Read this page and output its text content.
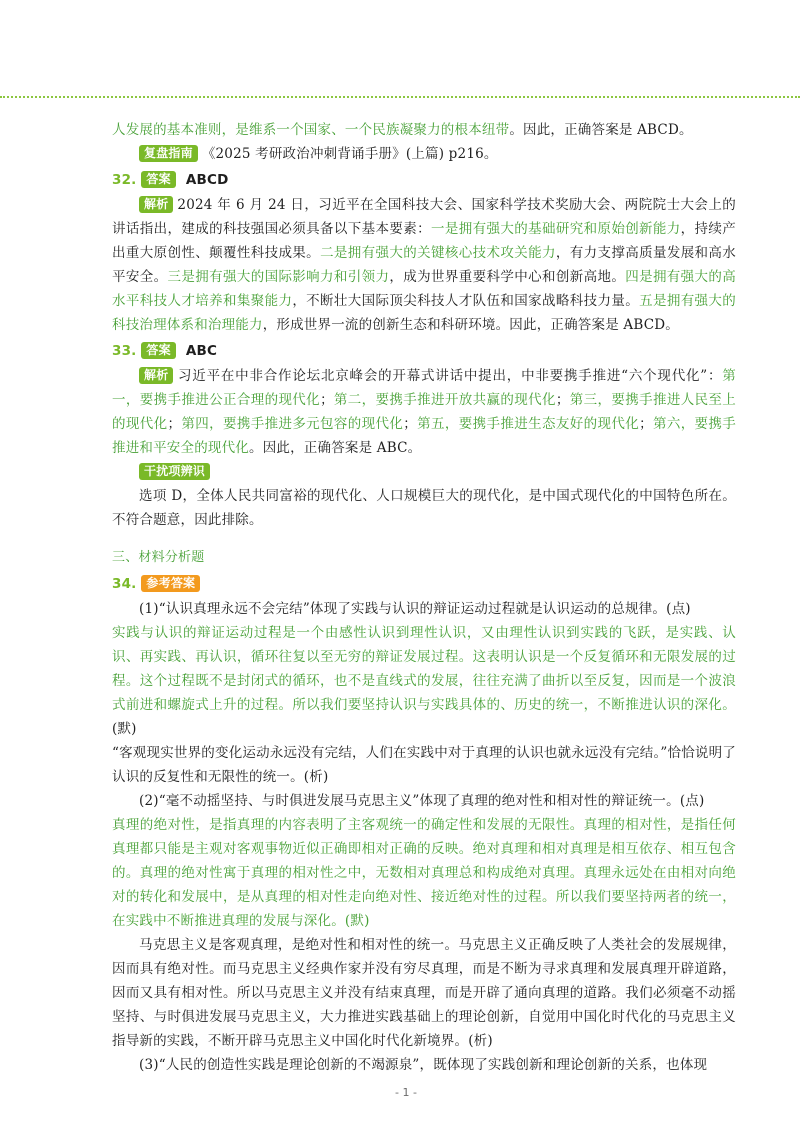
人发展的基本准则，是维系一个国家、一个民族凝聚力的根本纽带。因此，正确答案是 ABCD。

复盘指南 《2025 考研政治冲刺背诵手册》(上篇) p216。

32. 答案 ABCD

解析 2024 年 6 月 24 日，习近平在全国科技大会、国家科学技术奖励大会、两院院士大会上的讲话指出，建成的科技强国必须具备以下基本要素：一是拥有强大的基础研究和原始创新能力，持续产出重大原创性、颠覆性科技成果。二是拥有强大的关键核心技术攻关能力，有力支撑高质量发展和高水平安全。三是拥有强大的国际影响力和引领力，成为世界重要科学中心和创新高地。四是拥有强大的高水平科技人才培养和集聚能力，不断壮大国际顶尖科技人才队伍和国家战略科技力量。五是拥有强大的科技治理体系和治理能力，形成世界一流的创新生态和科研环境。因此，正确答案是 ABCD。

33. 答案 ABC

解析 习近平在中非合作论坛北京峰会的开幕式讲话中提出，中非要携手推进“六个现代化”：第一，要携手推进公正合理的现代化；第二，要携手推进开放共赢的现代化；第三，要携手推进人民至上的现代化；第四，要携手推进多元包容的现代化；第五，要携手推进生态友好的现代化；第六，要携手推进和平安全的现代化。因此，正确答案是 ABC。

干扰项辨识

选项 D，全体人民共同富裕的现代化、人口规模巨大的现代化，是中国式现代化的中国特色所在。不符合题意，因此排除。

三、材料分析题
34. 参考答案

(1)“认识真理永远不会完结”体现了实践与认识的辩证运动过程就是认识运动的总规律。(点)
实践与认识的辩证运动过程是一个由感性认识到理性认识，又由理性认识到实践的飞跃，是实践、认识、再实践、再认识，循环往复以至无穷的辩证发展过程。这表明认识是一个反复循环和无限发展的过程。这个过程既不是封闭式的循环，也不是直线式的发展，往往充满了曲折以至反复，因而是一个波浪式前进和螺旋式上升的过程。所以我们要坚持认识与实践具体的、历史的统一，不断推进认识的深化。(默)
“客观现实世界的变化运动永远没有完结，人们在实践中对于真理的认识也就永远没有完结。”恰恰说明了认识的反复性和无限性的统一。(析)

(2)“毫不动摇坚持、与时俱进发展马克思主义”体现了真理的绝对性和相对性的辩证统一。(点)
真理的绝对性，是指真理的内容表明了主客观统一的确定性和发展的无限性。真理的相对性，是指任何真理都只能是主观对客观事物近似正确即相对正确的反映。绝对真理和相对真理是相互依存、相互包含的。真理的绝对性寓于真理的相对性之中，无数相对真理总和构成绝对真理。真理永远处在由相对向绝对的转化和发展中，是从真理的相对性走向绝对性、接近绝对性的过程。所以我们要坚持两者的统一，在实践中不断推进真理的发展与深化。(默)

马克思主义是客观真理，是绝对性和相对性的统一。马克思主义正确反映了人类社会的发展规律，因而具有绝对性。而马克思主义经典作家并没有穷尽真理，而是不断为寻求真理和发展真理开辟道路，因而又具有相对性。所以马克思主义并没有结束真理，而是开辟了通向真理的道路。我们必须毫不动摇坚持、与时俱进发展马克思主义，大力推进实践基础上的理论创新，自觉用中国化时代化的马克思主义指导新的实践，不断开辟马克思主义中国化时代化新境界。(析)

(3)“人民的创造性实践是理论创新的不竭源泉”，既体现了实践创新和理论创新的关系，也体现

- 1 -
